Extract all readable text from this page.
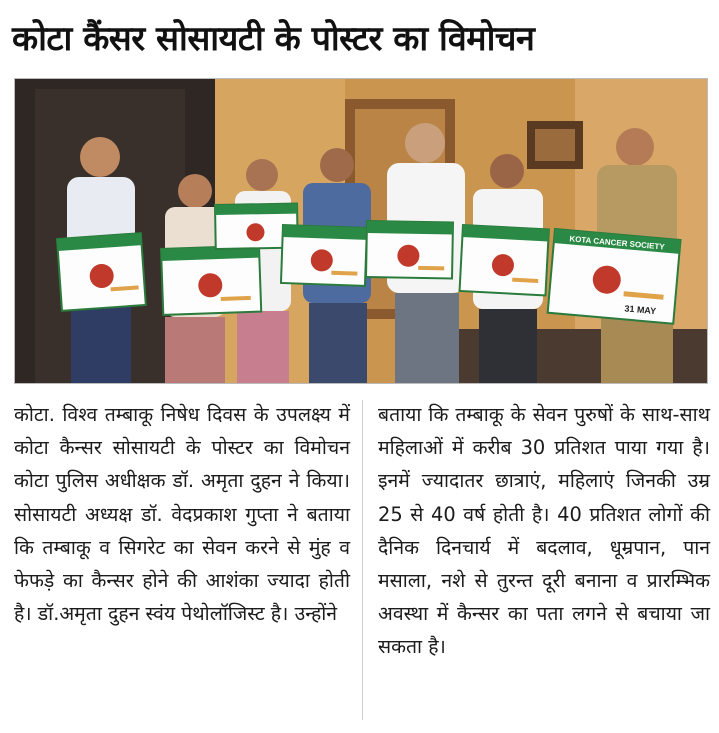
कोटा कैंसर सोसायटी के पोस्टर का विमोचन
KOTA CANCER SOCIETY
31 MAY
कोटा. विश्व तम्बाकू निषेध दिवस के उपलक्ष्य में कोटा कैन्सर सोसायटी के पोस्टर का विमोचन कोटा पुलिस अधीक्षक डॉ. अमृता दुहन ने किया। सोसायटी अध्यक्ष डॉ. वेदप्रकाश गुप्ता ने बताया कि तम्बाकू व सिगरेट का सेवन करने से मुंह व फेफड़े का कैन्सर होने की आशंका ज्यादा होती है। डॉ.अमृता दुहन स्वंय पेथोलॉजिस्ट है। उन्होंने
बताया कि तम्बाकू के सेवन पुरुषों के साथ-साथ महिलाओं में करीब 30 प्रतिशत पाया गया है। इनमें ज्यादातर छात्राएं, महिलाएं जिनकी उम्र 25 से 40 वर्ष होती है। 40 प्रतिशत लोगों की दैनिक दिनचार्य में बदलाव, धूम्रपान, पान मसाला, नशे से तुरन्त दूरी बनाना व प्रारम्भिक अवस्था में कैन्सर का पता लगने से बचाया जा सकता है।
